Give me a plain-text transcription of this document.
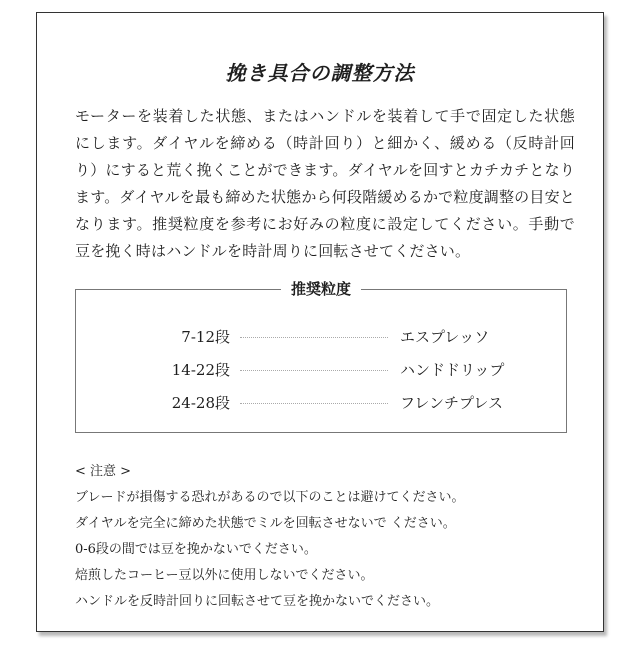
挽き具合の調整方法

モーターを装着した状態、またはハンドルを装着して手で固定した状態にします。ダイヤルを締める（時計回り）と細かく、緩める（反時計回り）にすると荒く挽くことができます。ダイヤルを回すとカチカチとなります。ダイヤルを最も締めた状態から何段階緩めるかで粒度調整の目安となります。推奨粒度を参考にお好みの粒度に設定してください。手動で豆を挽く時はハンドルを時計周りに回転させてください。

推奨粒度
7-12段	エスプレッソ
14-22段	ハンドドリップ
24-28段	フレンチプレス
< 注意 >
ブレードが損傷する恐れがあるので以下のことは避けてください。
ダイヤルを完全に締めた状態でミルを回転させないで ください。
0-6段の間では豆を挽かないでください。
焙煎したコーヒー豆以外に使用しないでください。
ハンドルを反時計回りに回転させて豆を挽かないでください。
